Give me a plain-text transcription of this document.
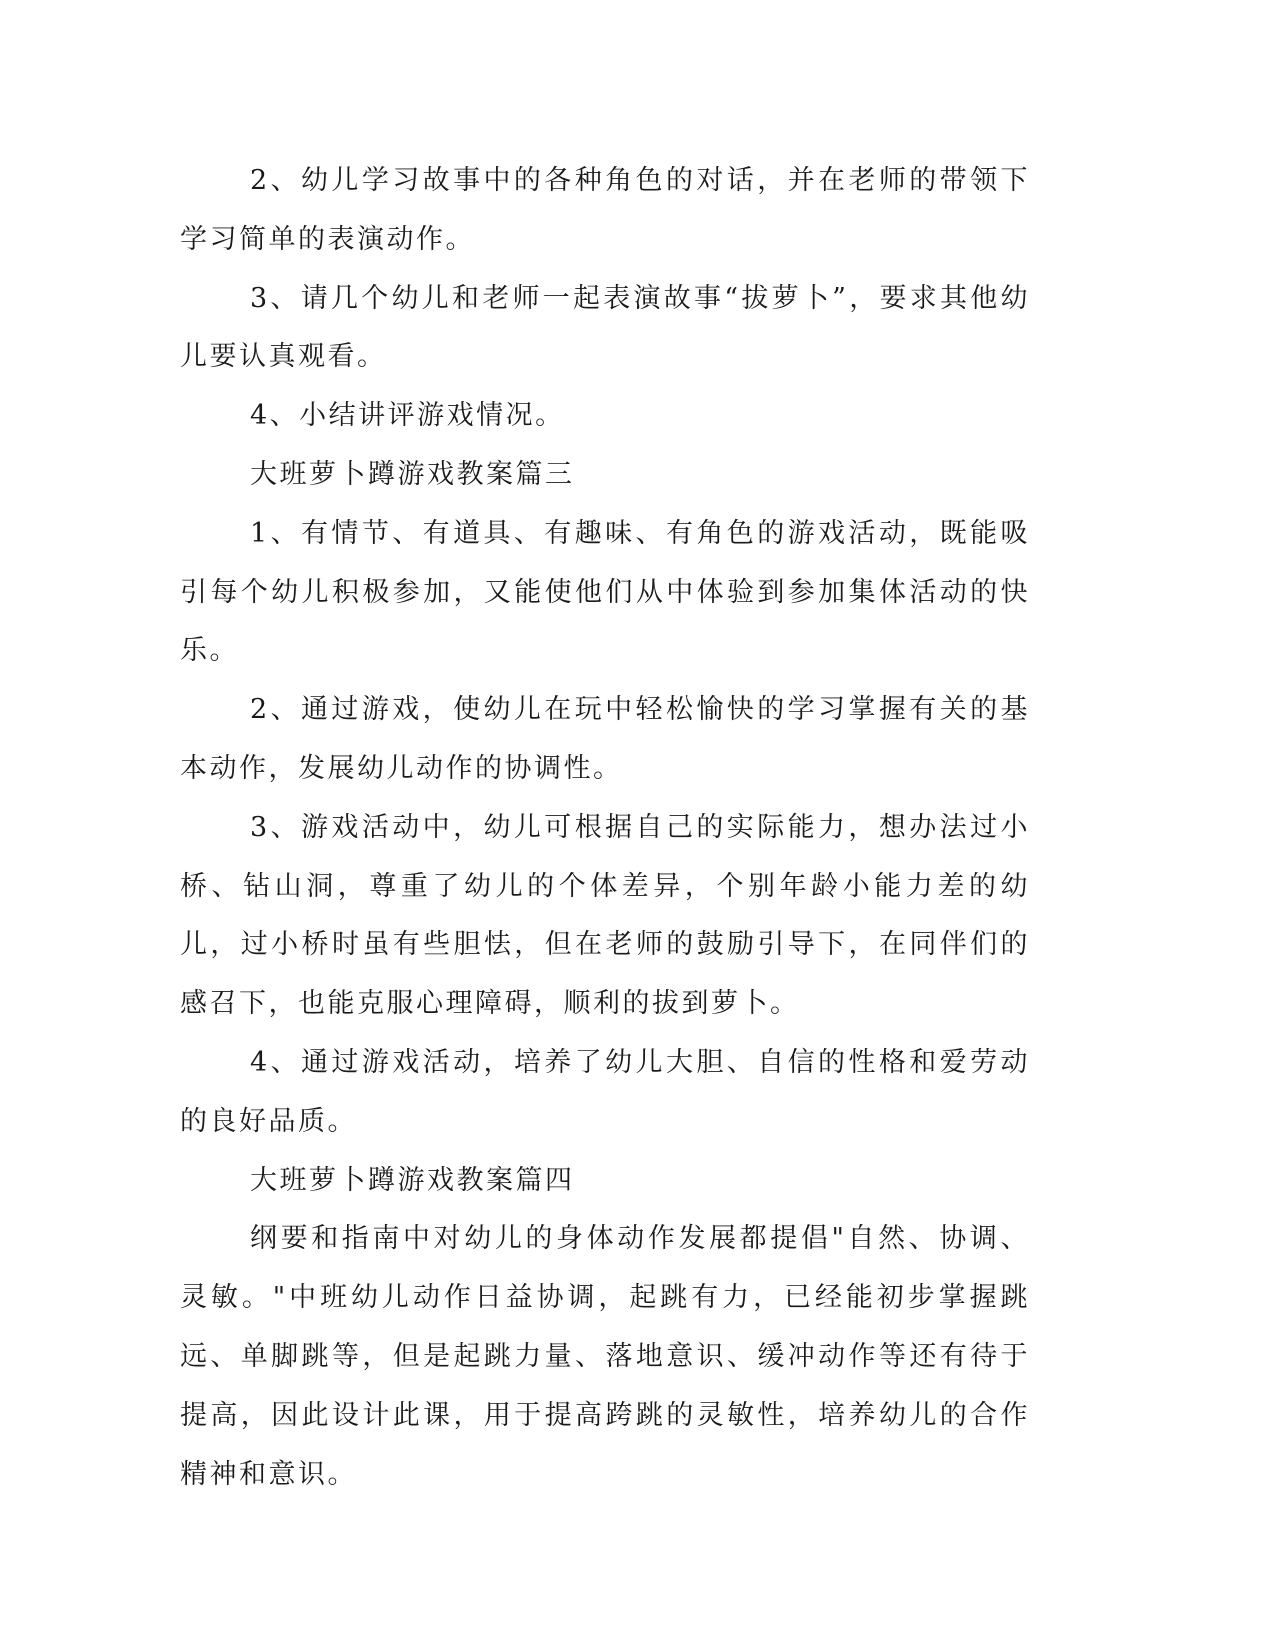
2、幼儿学习故事中的各种角色的对话，并在老师的带领下学习简单的表演动作。

3、请几个幼儿和老师一起表演故事“拔萝卜”，要求其他幼儿要认真观看。

4、小结讲评游戏情况。

大班萝卜蹲游戏教案篇三

1、有情节、有道具、有趣味、有角色的游戏活动，既能吸引每个幼儿积极参加，又能使他们从中体验到参加集体活动的快乐。

2、通过游戏，使幼儿在玩中轻松愉快的学习掌握有关的基本动作，发展幼儿动作的协调性。

3、游戏活动中，幼儿可根据自己的实际能力，想办法过小桥、钻山洞，尊重了幼儿的个体差异，个别年龄小能力差的幼儿，过小桥时虽有些胆怯，但在老师的鼓励引导下，在同伴们的感召下，也能克服心理障碍，顺利的拔到萝卜。

4、通过游戏活动，培养了幼儿大胆、自信的性格和爱劳动的良好品质。

大班萝卜蹲游戏教案篇四

纲要和指南中对幼儿的身体动作发展都提倡"自然、协调、灵敏。"中班幼儿动作日益协调，起跳有力，已经能初步掌握跳远、单脚跳等，但是起跳力量、落地意识、缓冲动作等还有待于提高，因此设计此课，用于提高跨跳的灵敏性，培养幼儿的合作精神和意识。
